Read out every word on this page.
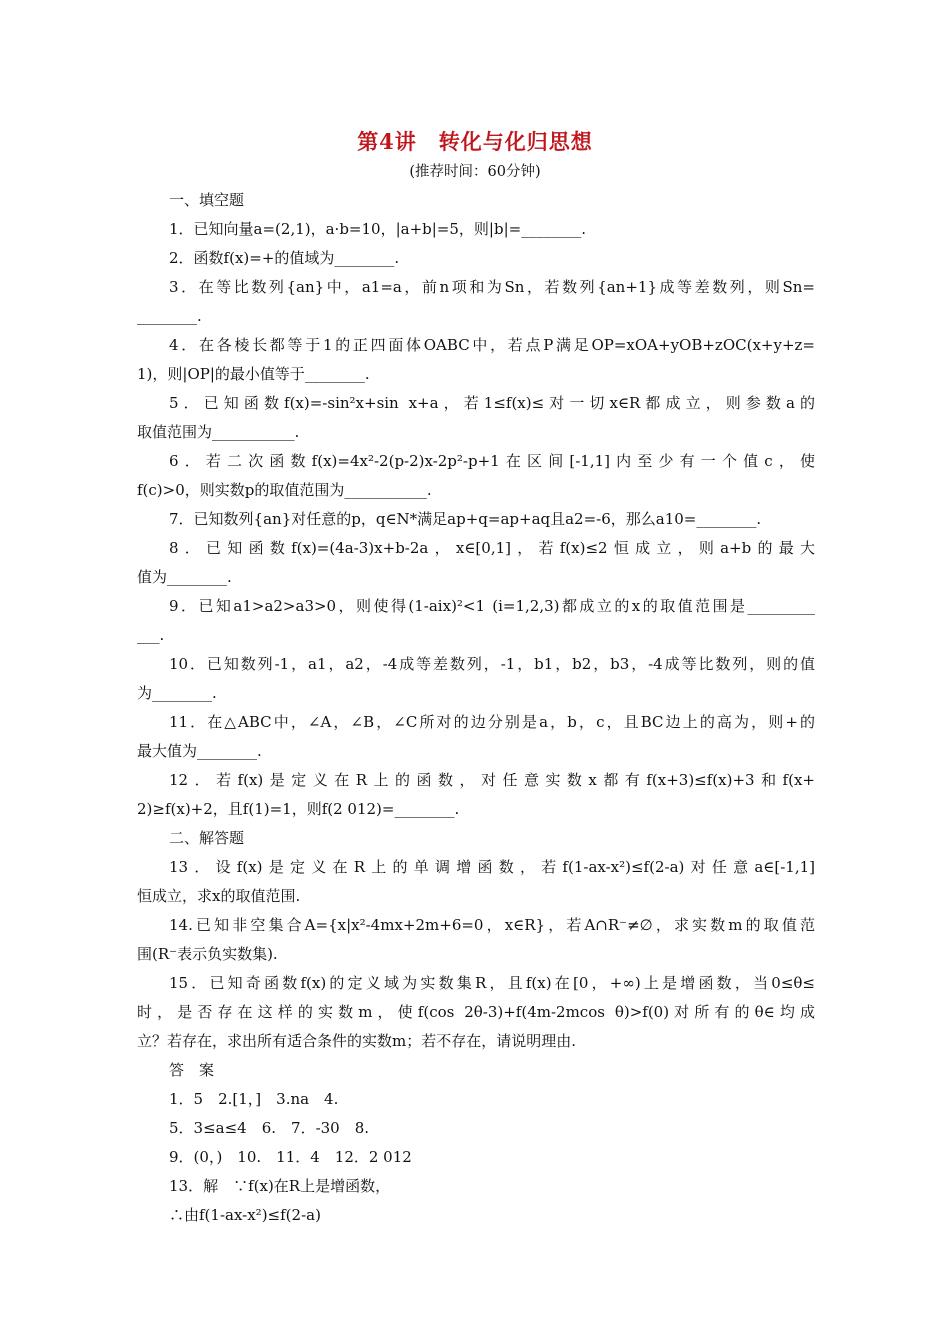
第4讲　转化与化归思想
(推荐时间：60分钟)
一、填空题
1．已知向量a=(2,1)，a·b=10，|a+b|=5，则|b|=________.
2．函数f(x)=+的值域为________.
3．在等比数列{an}中，a1=a，前n项和为Sn，若数列{an+1}成等差数列，则Sn=
________.
4．在各棱长都等于1的正四面体OABC中，若点P满足OP=xOA+yOB+zOC(x+y+z=
1)，则|OP|的最小值等于________.
5．已知函数f(x)=-sin²x+sin x+a，若1≤f(x)≤对一切x∈R都成立，则参数a的
取值范围为___________.
6．若二次函数f(x)=4x²-2(p-2)x-2p²-p+1在区间[-1,1]内至少有一个值c，使
f(c)>0，则实数p的取值范围为___________.
7．已知数列{an}对任意的p，q∈N*满足ap+q=ap+aq且a2=-6，那么a10=________.
8．已知函数f(x)=(4a-3)x+b-2a，x∈[0,1]，若f(x)≤2恒成立，则a+b的最大
值为________.
9．已知a1>a2>a3>0，则使得(1-aix)²<1 (i=1,2,3)都成立的x的取值范围是_________
___.
10．已知数列-1，a1，a2，-4成等差数列，-1，b1，b2，b3，-4成等比数列，则的值
为________.
11．在△ABC中，∠A，∠B，∠C所对的边分别是a，b，c，且BC边上的高为，则+的
最大值为________.
12．若f(x)是定义在R上的函数，对任意实数x都有f(x+3)≤f(x)+3和f(x+
2)≥f(x)+2，且f(1)=1，则f(2 012)=________.
二、解答题
13．设f(x)是定义在R上的单调增函数，若f(1-ax-x²)≤f(2-a)对任意a∈[-1,1]
恒成立，求x的取值范围.
14.已知非空集合A={x|x²-4mx+2m+6=0，x∈R}，若A∩R⁻≠∅，求实数m的取值范
围(R⁻表示负实数集).
15．已知奇函数f(x)的定义域为实数集R，且f(x)在[0，+∞)上是增函数，当0≤θ≤
时，是否存在这样的实数m，使f(cos 2θ-3)+f(4m-2mcos θ)>f(0)对所有的θ∈均成
立？若存在，求出所有适合条件的实数m；若不存在，请说明理由.
答　案
1．5　2.[1，]　3.na　4.
5．3≤a≤4　6.　7．-30　8.
9．(0，)　10.　11．4　12．2 012
13．解　∵f(x)在R上是增函数，
∴由f(1-ax-x²)≤f(2-a)
